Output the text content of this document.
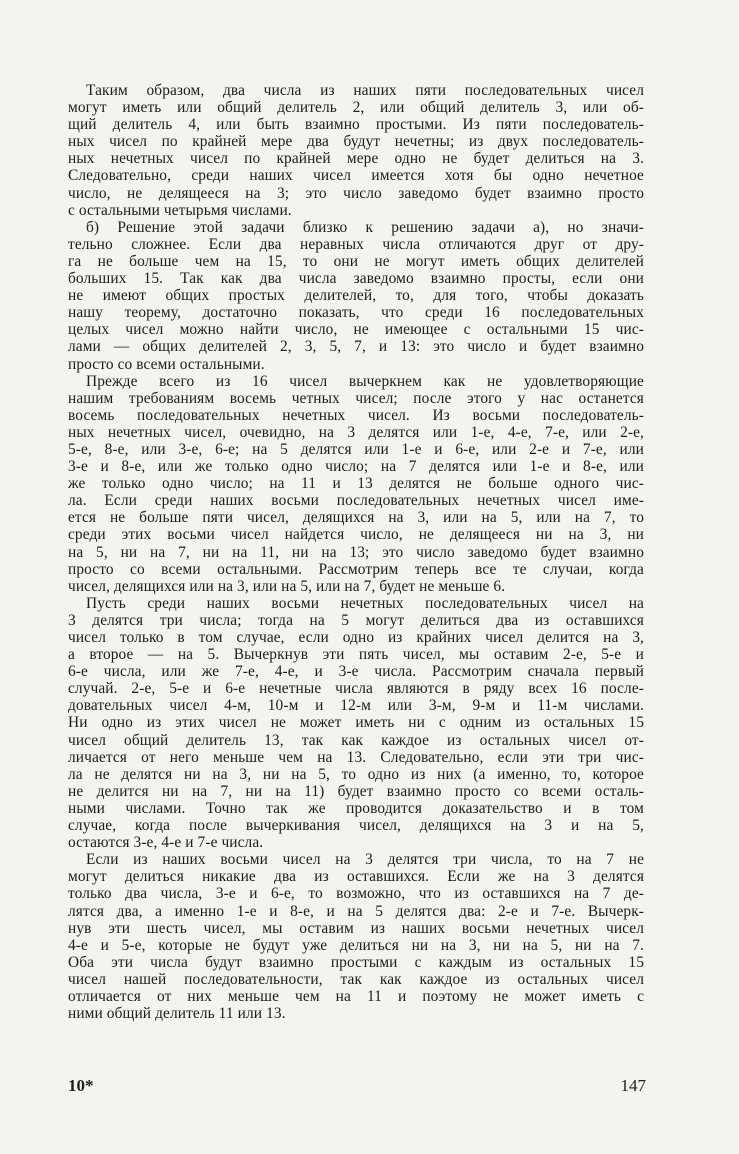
Таким образом, два числа из наших пяти последовательных чисел
могут иметь или общий делитель 2, или общий делитель 3, или об-
щий делитель 4, или быть взаимно простыми. Из пяти последователь-
ных чисел по крайней мере два будут нечетны; из двух последователь-
ных нечетных чисел по крайней мере одно не будет делиться на 3.
Следовательно, среди наших чисел имеется хотя бы одно нечетное
число, не делящееся на 3; это число заведомо будет взаимно просто
с остальными четырьмя числами.
б) Решение этой задачи близко к решению задачи а), но значи-
тельно сложнее. Если два неравных числа отличаются друг от дру-
га не больше чем на 15, то они не могут иметь общих делителей
больших 15. Так как два числа заведомо взаимно просты, если они
не имеют общих простых делителей, то, для того, чтобы доказать
нашу теорему, достаточно показать, что среди 16 последовательных
целых чисел можно найти число, не имеющее с остальными 15 чис-
лами — общих делителей 2, 3, 5, 7, и 13: это число и будет взаимно
просто со всеми остальными.
Прежде всего из 16 чисел вычеркнем как не удовлетворяющие
нашим требованиям восемь четных чисел; после этого у нас останется
восемь последовательных нечетных чисел. Из восьми последователь-
ных нечетных чисел, очевидно, на 3 делятся или 1-е, 4-е, 7-е, или 2-е,
5-е, 8-е, или 3-е, 6-е; на 5 делятся или 1-е и 6-е, или 2-е и 7-е, или
3-е и 8-е, или же только одно число; на 7 делятся или 1-е и 8-е, или
же только одно число; на 11 и 13 делятся не больше одного чис-
ла. Если среди наших восьми последовательных нечетных чисел име-
ется не больше пяти чисел, делящихся на 3, или на 5, или на 7, то
среди этих восьми чисел найдется число, не делящееся ни на 3, ни
на 5, ни на 7, ни на 11, ни на 13; это число заведомо будет взаимно
просто со всеми остальными. Рассмотрим теперь все те случаи, когда
чисел, делящихся или на 3, или на 5, или на 7, будет не меньше 6.
Пусть среди наших восьми нечетных последовательных чисел на
3 делятся три числа; тогда на 5 могут делиться два из оставшихся
чисел только в том случае, если одно из крайних чисел делится на 3,
а второе — на 5. Вычеркнув эти пять чисел, мы оставим 2-е, 5-е и
6-е числа, или же 7-е, 4-е, и 3-е числа. Рассмотрим сначала первый
случай. 2-е, 5-е и 6-е нечетные числа являются в ряду всех 16 после-
довательных чисел 4-м, 10-м и 12-м или 3-м, 9-м и 11-м числами.
Ни одно из этих чисел не может иметь ни с одним из остальных 15
чисел общий делитель 13, так как каждое из остальных чисел от-
личается от него меньше чем на 13. Следовательно, если эти три чис-
ла не делятся ни на 3, ни на 5, то одно из них (а именно, то, которое
не делится ни на 7, ни на 11) будет взаимно просто со всеми осталь-
ными числами. Точно так же проводится доказательство и в том
случае, когда после вычеркивания чисел, делящихся на 3 и на 5,
остаются 3-е, 4-е и 7-е числа.
Если из наших восьми чисел на 3 делятся три числа, то на 7 не
могут делиться никакие два из оставшихся. Если же на 3 делятся
только два числа, 3-е и 6-е, то возможно, что из оставшихся на 7 де-
лятся два, а именно 1-е и 8-е, и на 5 делятся два: 2-е и 7-е. Вычерк-
нув эти шесть чисел, мы оставим из наших восьми нечетных чисел
4-е и 5-е, которые не будут уже делиться ни на 3, ни на 5, ни на 7.
Оба эти числа будут взаимно простыми с каждым из остальных 15
чисел нашей последовательности, так как каждое из остальных чисел
отличается от них меньше чем на 11 и поэтому не может иметь с
ними общий делитель 11 или 13.
10*	147
